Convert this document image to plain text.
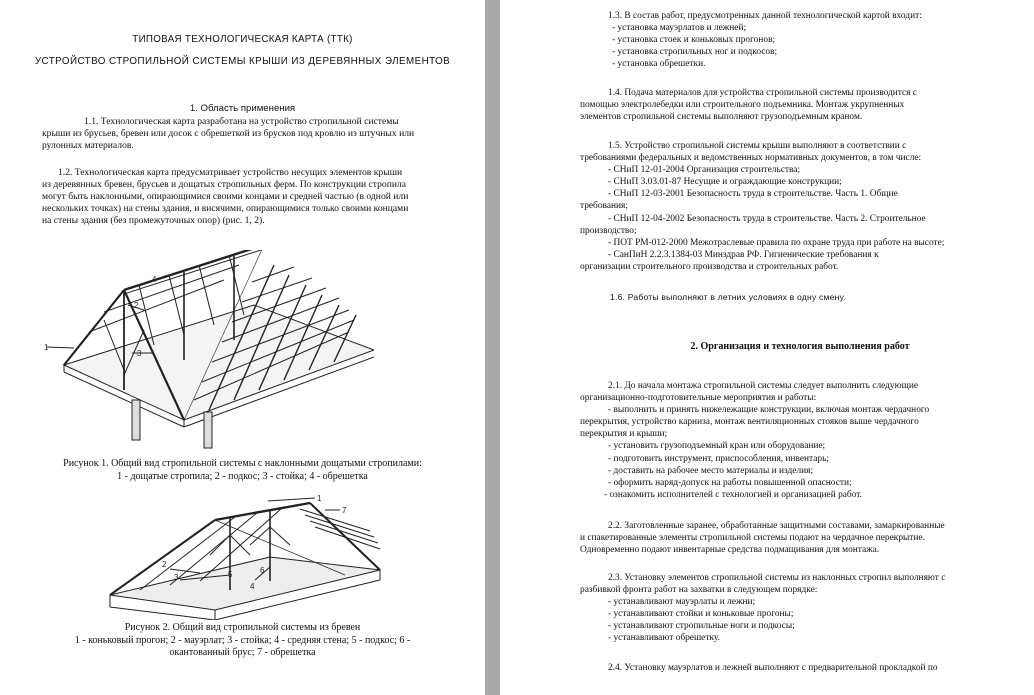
ТИПОВАЯ ТЕХНОЛОГИЧЕСКАЯ КАРТА (ТТК)
УСТРОЙСТВО СТРОПИЛЬНОЙ СИСТЕМЫ КРЫШИ ИЗ ДЕРЕВЯННЫХ ЭЛЕМЕНТОВ
1. Область применения
1.1. Технологическая карта разработана на устройство стропильной системы
крыши из брусьев, бревен или досок с обрешеткой из брусков под кровлю из штучных или
рулонных материалов.
1.2. Технологическая карта предусматривает устройство несущих элементов крыши
из деревянных бревен, брусьев и дощатых стропильных ферм. По конструкции стропила
могут быть наклонными, опирающимися своими концами и средней частью (в одной или
нескольких точках) на стены здания, и висячими, опирающимися только своими концами
на стены здания (без промежуточных опор) (рис. 1, 2).
1
2
3
4
Рисунок 1. Общий вид стропильной системы с наклонными дощатыми стропилами:
1 - дощатые стропила; 2 - подкос; 3 - стойка; 4 - обрешетка
1
2
3
4
5	6
7
Рисунок 2. Общий вид стропильной системы из бревен
1 - коньковый прогон; 2 - мауэрлат; 3 - стойка; 4 - средняя стена; 5 - подкос; 6 -
окантованный брус; 7 - обрешетка
1.3. В состав работ, предусмотренных данной технологической картой входит:
- установка мауэрлатов и лежней;
- установка стоек и коньковых прогонов;
- установка стропильных ног и подкосов;
- установка обрешетки.
1.4. Подача материалов для устройства стропильной системы производится с
помощью электролебедки или строительного подъемника. Монтаж укрупненных
элементов стропильной системы выполняют грузоподъемным краном.
1.5. Устройство стропильной системы крыши выполняют в соответствии с
требованиями федеральных и ведомственных нормативных документов, в том числе:
- СНиП 12-01-2004 Организация строительства;
- СНиП 3.03.01-87 Несущие и ограждающие конструкции;
- СНиП 12-03-2001 Безопасность труда в строительстве. Часть 1. Общие
требования;
- СНиП 12-04-2002 Безопасность труда в строительстве. Часть 2. Строительное
производство;
- ПОТ РМ-012-2000 Межотраслевые правила по охране труда при работе на высоте;
- СанПиН 2.2.3.1384-03 Минздрав РФ. Гигиенические требования к
организации строительного производства и строительных работ.
1.6. Работы выполняют в летних условиях в одну смену.
2. Организация и технология выполнения работ
2.1. До начала монтажа стропильной системы следует выполнить следующие
организационно-подготовительные мероприятия и работы:
- выполнить и принять нижележащие конструкции, включая монтаж чердачного
перекрытия, устройство карниза, монтаж вентиляционных стояков выше чердачного
перекрытия и крыши;
- установить грузоподъемный кран или оборудование;
- подготовить инструмент, приспособления, инвентарь;
- доставить на рабочее место материалы и изделия;
- оформить наряд-допуск на работы повышенной опасности;
- ознакомить исполнителей с технологией и организацией работ.
2.2. Заготовленные заранее, обработанные защитными составами, замаркированные
и спакетированные элементы стропильной системы подают на чердачное перекрытие.
Одновременно подают инвентарные средства подмащивания для монтажа.
2.3. Установку элементов стропильной системы из наклонных стропил выполняют с
разбивкой фронта работ на захватки в следующем порядке:
- устанавливают мауэрлаты и лежни;
- устанавливают стойки и коньковые прогоны;
- устанавливают стропильные ноги и подкосы;
- устанавливают обрешетку.
2.4. Установку мауэрлатов и лежней выполняют с предварительной прокладкой по
